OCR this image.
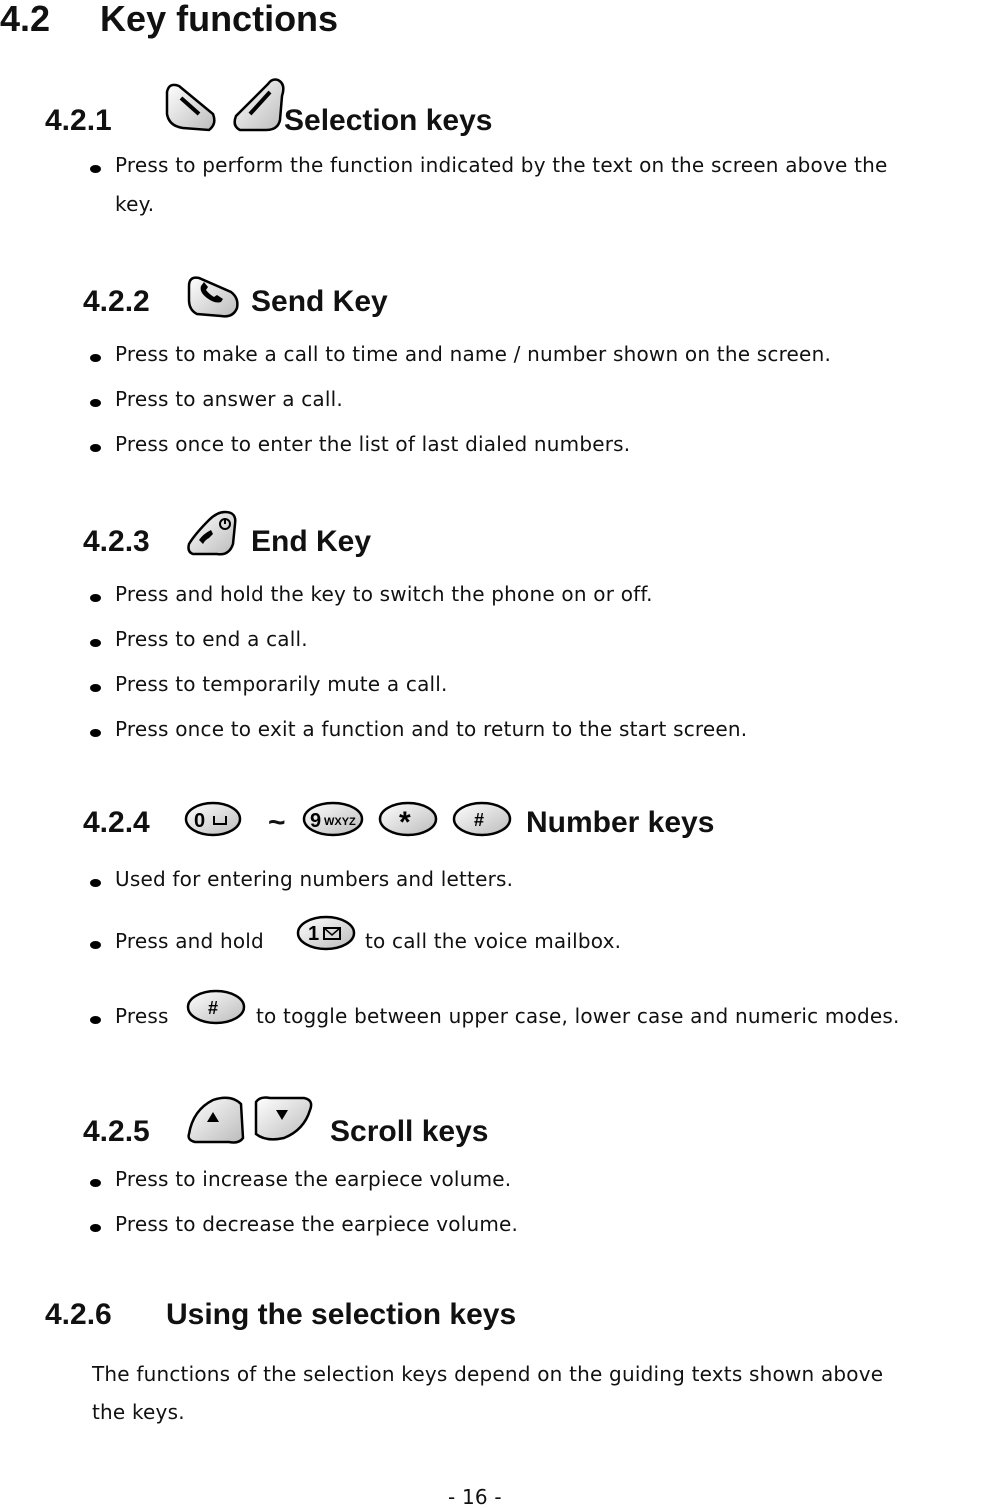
4.2 Key functions
4.2.1	Selection keys
Press to perform the function indicated by the text on the screen above the
key.
4.2.2	Send Key
Press to make a call to time and name / number shown on the screen.
Press to answer a call.
Press once to enter the list of last dialed numbers.
4.2.3	End Key
Press and hold the key to switch the phone on or off.
Press to end a call.
Press to temporarily mute a call.
Press once to exit a function and to return to the start screen.
4.2.4 0 ~ 9 WXYZ *	# Number keys
Used for entering numbers and letters.
Press and hold 1 to call the voice mailbox.
Press # to toggle between upper case, lower case and numeric modes.
4.2.5	Scroll keys
Press to increase the earpiece volume.
Press to decrease the earpiece volume.
4.2.6 Using the selection keys
The functions of the selection keys depend on the guiding texts shown above
the keys.
- 16 -
